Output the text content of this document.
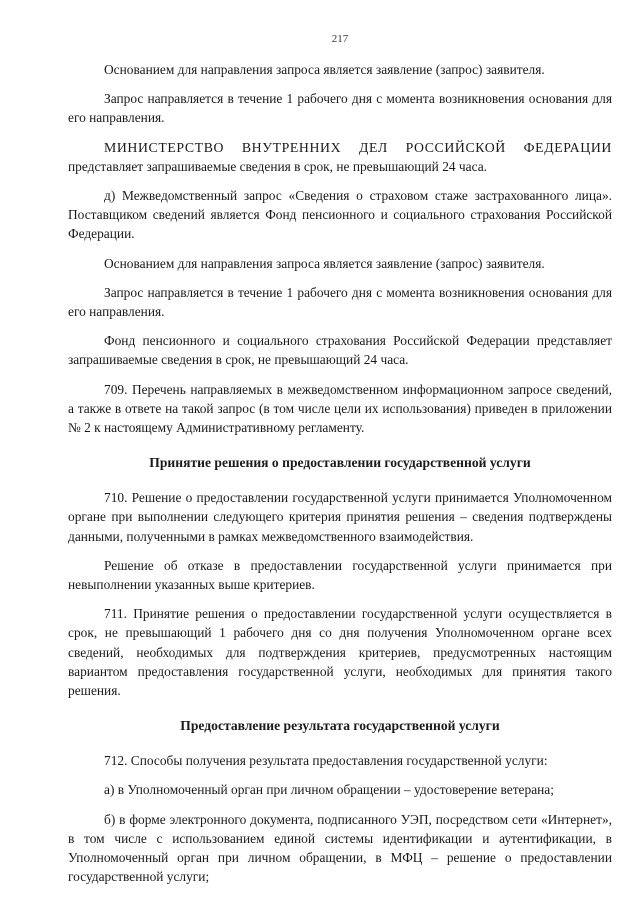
217

Основанием для направления запроса является заявление (запрос) заявителя.

Запрос направляется в течение 1 рабочего дня с момента возникновения основания для его направления.

МИНИСТЕРСТВО ВНУТРЕННИХ ДЕЛ РОССИЙСКОЙ ФЕДЕРАЦИИ представляет запрашиваемые сведения в срок, не превышающий 24 часа.

д) Межведомственный запрос «Сведения о страховом стаже застрахованного лица». Поставщиком сведений является Фонд пенсионного и социального страхования Российской Федерации.

Основанием для направления запроса является заявление (запрос) заявителя.

Запрос направляется в течение 1 рабочего дня с момента возникновения основания для его направления.

Фонд пенсионного и социального страхования Российской Федерации представляет запрашиваемые сведения в срок, не превышающий 24 часа.

709. Перечень направляемых в межведомственном информационном запросе сведений, а также в ответе на такой запрос (в том числе цели их использования) приведен в приложении № 2 к настоящему Административному регламенту.

Принятие решения о предоставлении государственной услуги

710. Решение о предоставлении государственной услуги принимается Уполномоченном органе при выполнении следующего критерия принятия решения – сведения подтверждены данными, полученными в рамках межведомственного взаимодействия.

Решение об отказе в предоставлении государственной услуги принимается при невыполнении указанных выше критериев.

711. Принятие решения о предоставлении государственной услуги осуществляется в срок, не превышающий 1 рабочего дня со дня получения Уполномоченном органе всех сведений, необходимых для подтверждения критериев, предусмотренных настоящим вариантом предоставления государственной услуги, необходимых для принятия такого решения.

Предоставление результата государственной услуги

712. Способы получения результата предоставления государственной услуги:

а) в Уполномоченный орган при личном обращении – удостоверение ветерана;

б) в форме электронного документа, подписанного УЭП, посредством сети «Интернет», в том числе с использованием единой системы идентификации и аутентификации, в Уполномоченный орган при личном обращении, в МФЦ – решение о предоставлении государственной услуги;
